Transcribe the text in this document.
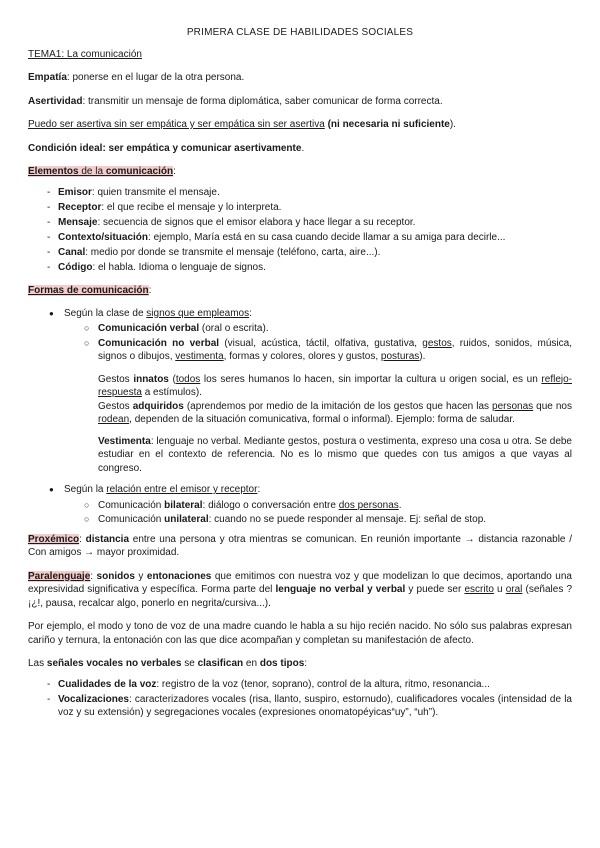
PRIMERA CLASE DE HABILIDADES SOCIALES

TEMA1: La comunicación

Empatía: ponerse en el lugar de la otra persona.

Asertividad: transmitir un mensaje de forma diplomática, saber comunicar de forma correcta.

Puedo ser asertiva sin ser empática y ser empática sin ser asertiva (ni necesaria ni suficiente).

Condición ideal: ser empática y comunicar asertivamente.

Elementos de la comunicación:

- Emisor: quien transmite el mensaje.
- Receptor: el que recibe el mensaje y lo interpreta.
- Mensaje: secuencia de signos que el emisor elabora y hace llegar a su receptor.
- Contexto/situación: ejemplo, María está en su casa cuando decide llamar a su amiga para decirle...
- Canal: medio por donde se transmite el mensaje (teléfono, carta, aire...).
- Código: el habla. Idioma o lenguaje de signos.

Formas de comunicación:

● Según la clase de signos que empleamos:

○ Comunicación verbal (oral o escrita).

○ Comunicación no verbal (visual, acústica, táctil, olfativa, gustativa, gestos, ruidos, sonidos, música, signos o dibujos, vestimenta, formas y colores, olores y gustos, posturas).

Gestos innatos (todos los seres humanos lo hacen, sin importar la cultura u origen social, es un reflejo-respuesta a estímulos).

Gestos adquiridos (aprendemos por medio de la imitación de los gestos que hacen las personas que nos rodean, dependen de la situación comunicativa, formal o informal). Ejemplo: forma de saludar.

Vestimenta: lenguaje no verbal. Mediante gestos, postura o vestimenta, expreso una cosa u otra. Se debe estudiar en el contexto de referencia. No es lo mismo que quedes con tus amigos a que vayas al congreso.

● Según la relación entre el emisor y receptor:

○ Comunicación bilateral: diálogo o conversación entre dos personas.

○ Comunicación unilateral: cuando no se puede responder al mensaje. Ej: señal de stop.

Proxémico: distancia entre una persona y otra mientras se comunican. En reunión importante → distancia razonable / Con amigos → mayor proximidad.

Paralenguaje: sonidos y entonaciones que emitimos con nuestra voz y que modelizan lo que decimos, aportando una expresividad significativa y específica. Forma parte del lenguaje no verbal y verbal y puede ser escrito u oral (señales ?¡¿!, pausa, recalcar algo, ponerlo en negrita/cursiva...).

Por ejemplo, el modo y tono de voz de una madre cuando le habla a su hijo recién nacido. No sólo sus palabras expresan cariño y ternura, la entonación con las que dice acompañan y completan su manifestación de afecto.

Las señales vocales no verbales se clasifican en dos tipos:

- Cualidades de la voz: registro de la voz (tenor, soprano), control de la altura, ritmo, resonancia...
- Vocalizaciones: caracterizadores vocales (risa, llanto, suspiro, estornudo), cualificadores vocales (intensidad de la voz y su extensión) y segregaciones vocales (expresiones onomatopéyicas“uy”, “uh”).
